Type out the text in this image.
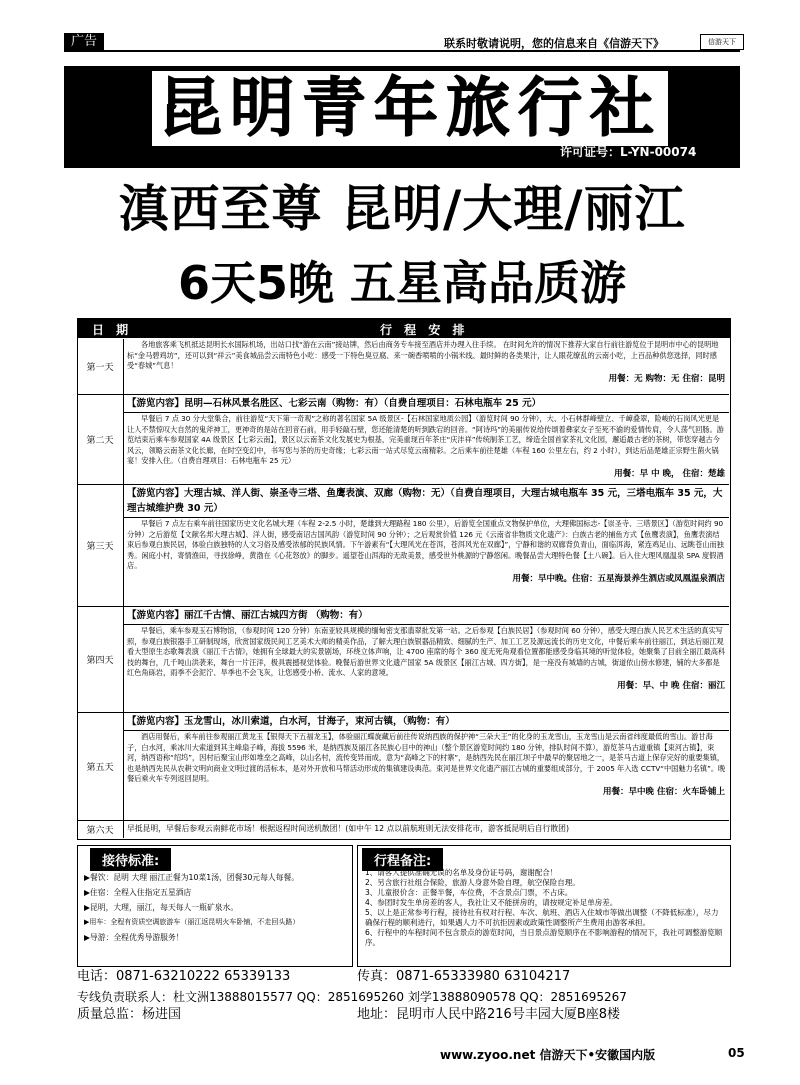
广告	联系时敬请说明，您的信息来自《信游天下》	信游天下
昆明青年旅行社
许可证号：L-YN-00074
滇西至尊 昆明/大理/丽江
6天5晚 五星高品质游
日 期	行 程 安 排
第一天
各地旅客乘飞机抵达昆明长水国际机场，出站口找“游在云南”接站牌，然后由商务专车接至酒店并办理入住手续。 在时间允许的情况下推荐大家自行前往游览位于昆明市中心的昆明地标“金马碧鸡坊”，还可以到“祥云”美食城品尝云南特色小吃：感受一下特色臭豆腐、来一碗香喷喷的小锅米线、最时鲜的各类果汁，让人眼花缭乱的云南小吃，上百品种供您选择，同时感受“春城”气息！
用餐：无 购物：无 住宿：昆明
第二天
【游览内容】昆明—石林风景名胜区、七彩云南（购物：有）（自费自理项目：石林电瓶车 25 元）
早餐后 7 点 30 分大堂集合，前往游览“天下第一奇观”之称的著名国家 5A 级景区-【石林国家地质公园】（游览时间 90 分钟），大、小石林群峰壁立、千嶂叠翠，险峻的石岗风光更是让人不禁惊叹大自然的鬼斧神工，更神奇的是站在回音石前，用手轻敲石壁，您还能清楚的听到跌宕的回音。“阿诗玛”的美丽传说给传颂着彝家女子至死不渝的爱情传肩，令人荡气回肠。游览结束后乘车参观国家 4A 级景区【七彩云南】，景区以云南茶文化发展史为根基，完美重现百年茶庄“庆沣祥”传统制茶工艺，缔造全国首家茶礼文化园，邂逅最古老的茶树，带您穿越古今风云，领略云南茶文化长廊，在时空变幻中，书写您与茶的历史奇缘；七彩云南一站式尽览云南精彩。之后乘车前往楚雄（车程 160 公里左右，约 2 小时），到达后品楚雄正宗野生菌火锅宴！安排入住。（自费自理项目：石林电瓶车 25 元）
用餐：早 中 晚， 住宿：楚雄
第三天
【游览内容】大理古城、洋人街、崇圣寺三塔、鱼鹰表演、双廊（购物：无）（自费自理项目，大理古城电瓶车 35 元，三塔电瓶车 35 元，大理古城维护费 30 元）
早餐后 7 点左右乘车前往国家历史文化名城大理（车程 2-2.5 小时，楚雄到大理路程 180 公里），后游览全国重点文物保护单位，大理佛国标志-【崇圣寺、三塔景区】（游览时间约 90 分钟）之后游览【文献名邦大理古城】、洋人街，感受南诏古国风韵（游览时间 90 分钟）；之后观赏价值 126 元《云南省非物质文化遗产》：白族古老的捕鱼方式【鱼鹰表演】，鱼鹰表演结束后参观白族民居，体验白族独特的人文习俗及感受浓郁的民族风情。下午游素有“【大理风光在苍洱，苍洱风光在双廊】”，宁静和谐的双廊背负青山，面临洱海，紧连鸡足山、远眺苍山而独秀。闲庭小村，寄情渔田，寻找徐峥，黄渤在《心花怒放》的脚步。遥望苍山洱海的无敌美景，感受世外桃源的宁静悠闲。晚餐品尝大理特色餐【土八碗】。后入住大理风凰温泉 SPA 度假酒店。
用餐：早中晚。住宿：五星海景养生酒店或凤凰温泉酒店
第四天
【游览内容】丽江千古情、丽江古城四方街 （购物：有）
早餐后，乘车参观玉石博物馆，（参观时间 120 分钟）东南亚较具规模的缅甸密支那翡翠批发第一站。之后参观【白族民居】（参观时间 60 分钟），感受大理白族人民艺术生活的真实写照，参观白族银器手工研制现场，欣赏国家级民间工艺美术大师的精美作品，了解大理白族银器品精致、细腻的生产、加工工艺及源远流长的历史文化，中餐后乘车前往丽江，到达后丽江观看大型原生态歌舞表演《丽江千古情》，她拥有全球最大的实景剧场，环绕立体声响，让 4700 座席的每个 360 度无死角观看位置都能感受身临其境的听觉体验，她聚集了目前全丽江最高科技的舞台，几千吨山洪袭来，舞台一片汪洋，极具震撼视觉体验。晚餐后游世界文化遗产国家 5A 级景区【丽江古城、四方街】，是一座没有城墙的古城，街道依山傍水修建，铺的大多都是红色角砾岩，雨季不会泥泞、旱季也不会飞灰，让您感受小桥、流水、人家的意境。
用餐：早、中 晚 住宿：丽江
第五天
【游览内容】玉龙雪山，冰川索道，白水河，甘海子，束河古镇，（购物：有）
酒店用餐后，乘车前往参观丽江黄龙玉【银得天下五福龙玉】，体验丽江蝶旋藏后前往传说纳西族的保护神“三朵大王”的化身的玉龙雪山，玉龙雪山是云南省纬度最低的雪山。游甘海子，白水河，乘冰川大索道到其主峰扇子峰，海拔 5596 米，是纳西族及丽江各民族心目中的神山（整个景区游览时间约 180 分钟，排队时间不算），游览茶马古道重镇【束河古镇】，束河，纳西语称“绍坞”，因村后聚宝山形如堆垒之高峰，以山名村，流传变异而成，意为“高峰之下的村寨”，是纳西先民在丽江坝子中最早的聚居地之一，是茶马古道上保存完好的重要集镇，也是纳西先民从农耕文明向商业文明过渡的活标本，是对外开放和马帮活动形成的集镇建设典范。束河是世界文化遗产丽江古城的重要组成部分，于 2005 年入选 CCTV“中国魅力名镇”。晚餐后乘火车专列返回昆明。
用餐：早中晚 住宿：火车卧铺上
第六天	早抵昆明，早餐后参观云南鲜花市场！根据返程时间送机散团！(如中午 12 点以前航班则无法安排花市，游客抵昆明后自行散团)
接待标准:
▶餐饮：昆明 大理 丽江正餐为10菜1汤，团餐30元每人每餐。
▶住宿：全程入住指定五星酒店
▶昆明，大理，丽江，每天每人一瓶矿泉水。
▶用车：全程有资质空调旅游车（丽江返昆明火车卧铺，不走回头路）
▶导游：全程优秀导游服务！
行程备注:
1、请客人提供准确无误的名单及身份证号码，谢谢配合！
2、另含旅行社组合保险，旅游人身意外险自理，航空保险自理。
3、儿童报价含：正餐半餐，车位费，不含景点门票，不占床。
4、参团时发生单房差的客人，我社让又不能拼房的，请按规定补足单房差。
5、以上是正常参考行程，接待社有权对行程、车次、航班、酒店入住城市等做出调整（不降低标准），尽力确保行程的顺利进行，如果遇人力不可抗拒因素或政策性调整所产生费用由游客承担。
6、行程中的车程时间不包含景点的游览时间，当日景点游览顺序在不影响游程的情况下，我社可调整游览顺序。
电话：0871-63210222 65339133	传真：0871-65333980 63104217
专线负责联系人：杜文洲13888015577 QQ：2851695260 刘学13888090578 QQ：2851695267
质量总监：杨进国	地址：昆明市人民中路216号丰园大厦B座8楼
www.zyoo.net 信游天下•安徽国内版	05
